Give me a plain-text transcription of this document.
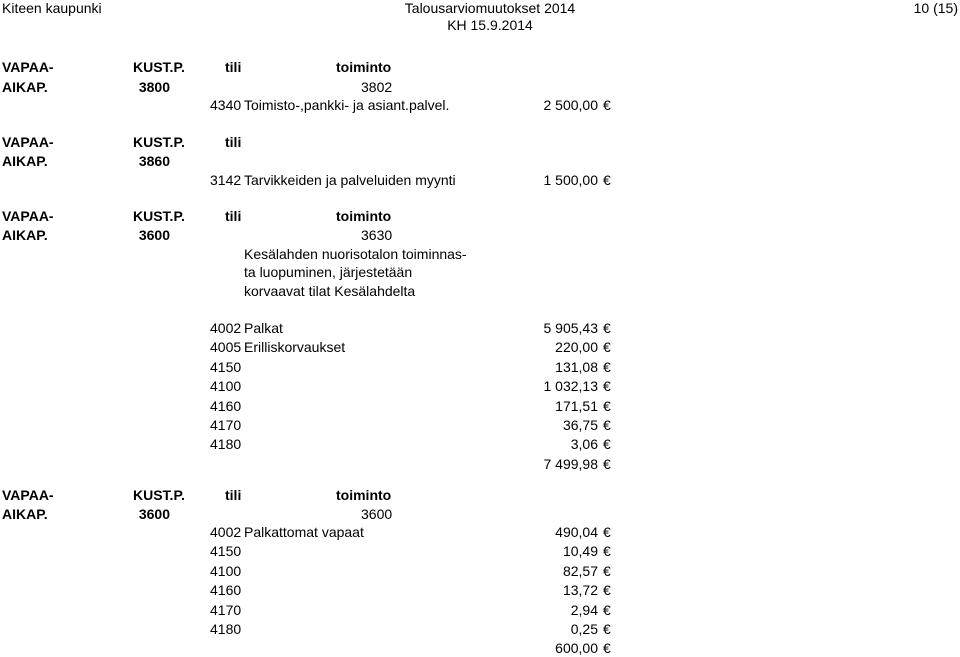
Kiteen kaupunki	Talousarviomuutokset 2014
KH 15.9.2014
10 (15)
VAPAA-	KUST.P.	tili	toiminto
AIKAP.	3800	3802
4340 Toimisto-,pankki- ja asiant.palvel.	2 500,00 €
VAPAA-	KUST.P.	tili
AIKAP.	3860
3142 Tarvikkeiden ja palveluiden myynti	1 500,00 €
VAPAA-	KUST.P.	tili	toiminto
AIKAP.	3600	3630
Kesälahden nuorisotalon toiminnas-
ta luopuminen, järjestetään
korvaavat tilat Kesälahdelta
4002 Palkat	5 905,43 €
4005 Erilliskorvaukset	220,00 €
4150	131,08 €
4100	1 032,13 €
4160	171,51 €
4170	36,75 €
4180	3,06 €
7 499,98 €
VAPAA-	KUST.P.	tili	toiminto
AIKAP.	3600	3600
4002 Palkattomat vapaat	490,04 €
4150	10,49 €
4100	82,57 €
4160	13,72 €
4170	2,94 €
4180	0,25 €
600,00 €
